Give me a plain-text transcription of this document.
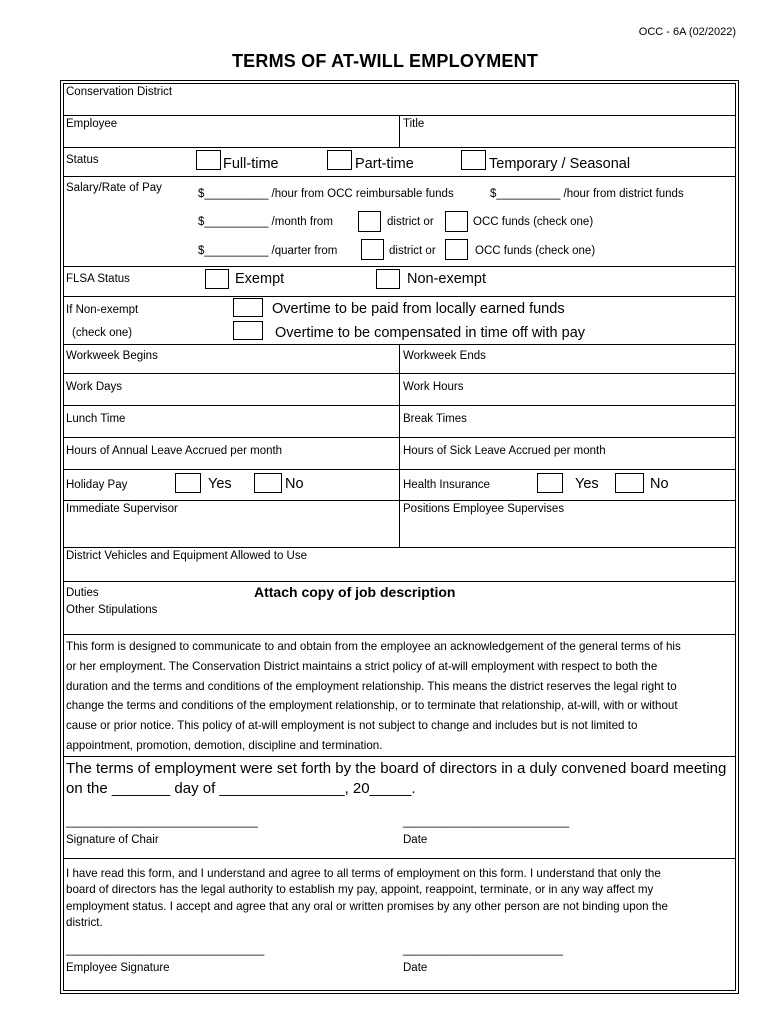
OCC - 6A (02/2022)
TERMS OF AT-WILL EMPLOYMENT
Conservation District
Employee	Title
Status	Full-time	Part-time	Temporary / Seasonal
Salary/Rate of Pay	$__________ /hour from OCC reimbursable funds	$__________ /hour from district funds
$__________ /month from	district or	OCC funds (check one)
$__________ /quarter from	district or	OCC funds (check one)
FLSA Status	Exempt	Non-exempt
If Non-exempt
(check one)
Overtime to be paid from locally earned funds
Overtime to be compensated in time off with pay
Workweek Begins	Workweek Ends
Work Days	Work Hours
Lunch Time	Break Times
Hours of Annual Leave Accrued per month	Hours of Sick Leave Accrued per month
Holiday Pay	Yes	No	Health Insurance	Yes	No
Immediate Supervisor	Positions Employee Supervises
District Vehicles and Equipment Allowed to Use
Duties	Attach copy of job description
Other Stipulations
This form is designed to communicate to and obtain from the employee an acknowledgement of the general terms of his
or her employment. The Conservation District maintains a strict policy of at-will employment with respect to both the
duration and the terms and conditions of the employment relationship. This means the district reserves the legal right to
change the terms and conditions of the employment relationship, or to terminate that relationship, at-will, with or without
cause or prior notice. This policy of at-will employment is not subject to change and includes but is not limited to
appointment, promotion, demotion, discipline and termination.
The terms of employment were set forth by the board of directors in a duly convened board meeting
on the _______ day of _______________, 20_____.
______________________________
Signature of Chair
__________________________
Date
I have read this form, and I understand and agree to all terms of employment on this form. I understand that only the
board of directors has the legal authority to establish my pay, appoint, reappoint, terminate, or in any way affect my
employment status. I accept and agree that any oral or written promises by any other person are not binding upon the
district.
_______________________________
Employee Signature
_________________________
Date
